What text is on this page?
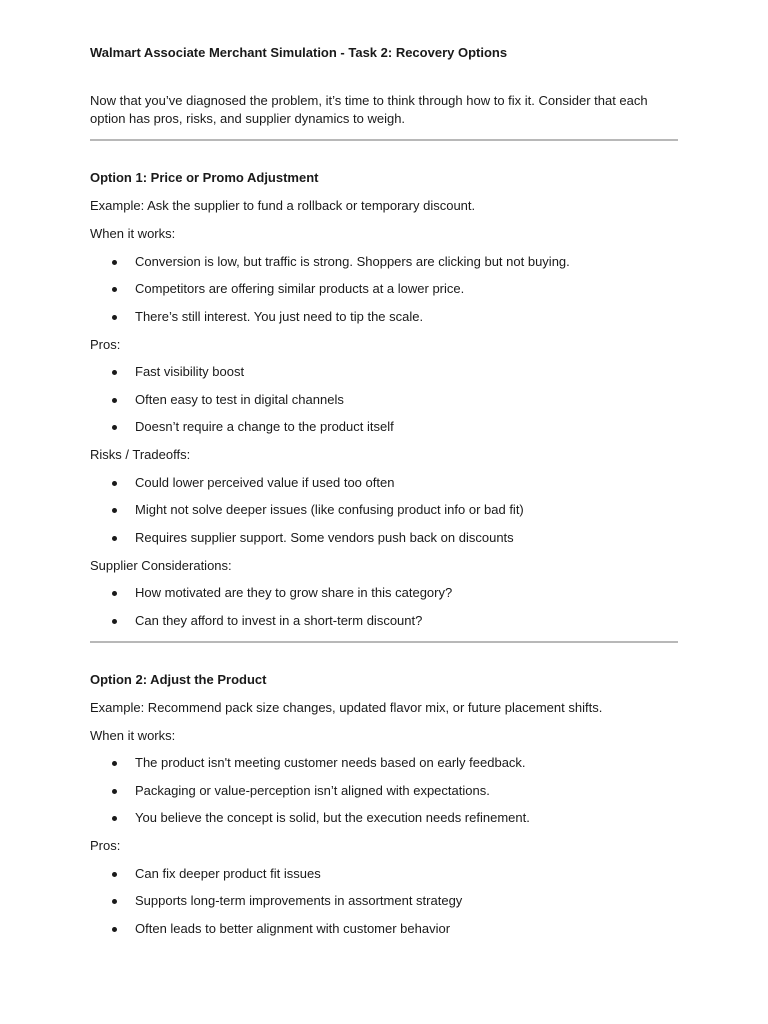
Walmart Associate Merchant Simulation - Task 2: Recovery Options

Now that you’ve diagnosed the problem, it’s time to think through how to fix it. Consider that each option has pros, risks, and supplier dynamics to weigh.

Option 1: Price or Promo Adjustment

Example: Ask the supplier to fund a rollback or temporary discount.

When it works:

Conversion is low, but traffic is strong. Shoppers are clicking but not buying.
Competitors are offering similar products at a lower price.
There’s still interest. You just need to tip the scale.

Pros:

Fast visibility boost
Often easy to test in digital channels
Doesn’t require a change to the product itself

Risks / Tradeoffs:

Could lower perceived value if used too often
Might not solve deeper issues (like confusing product info or bad fit)
Requires supplier support. Some vendors push back on discounts

Supplier Considerations:

How motivated are they to grow share in this category?
Can they afford to invest in a short-term discount?

Option 2: Adjust the Product

Example: Recommend pack size changes, updated flavor mix, or future placement shifts.

When it works:

The product isn't meeting customer needs based on early feedback.
Packaging or value-perception isn’t aligned with expectations.
You believe the concept is solid, but the execution needs refinement.

Pros:

Can fix deeper product fit issues
Supports long-term improvements in assortment strategy
Often leads to better alignment with customer behavior
